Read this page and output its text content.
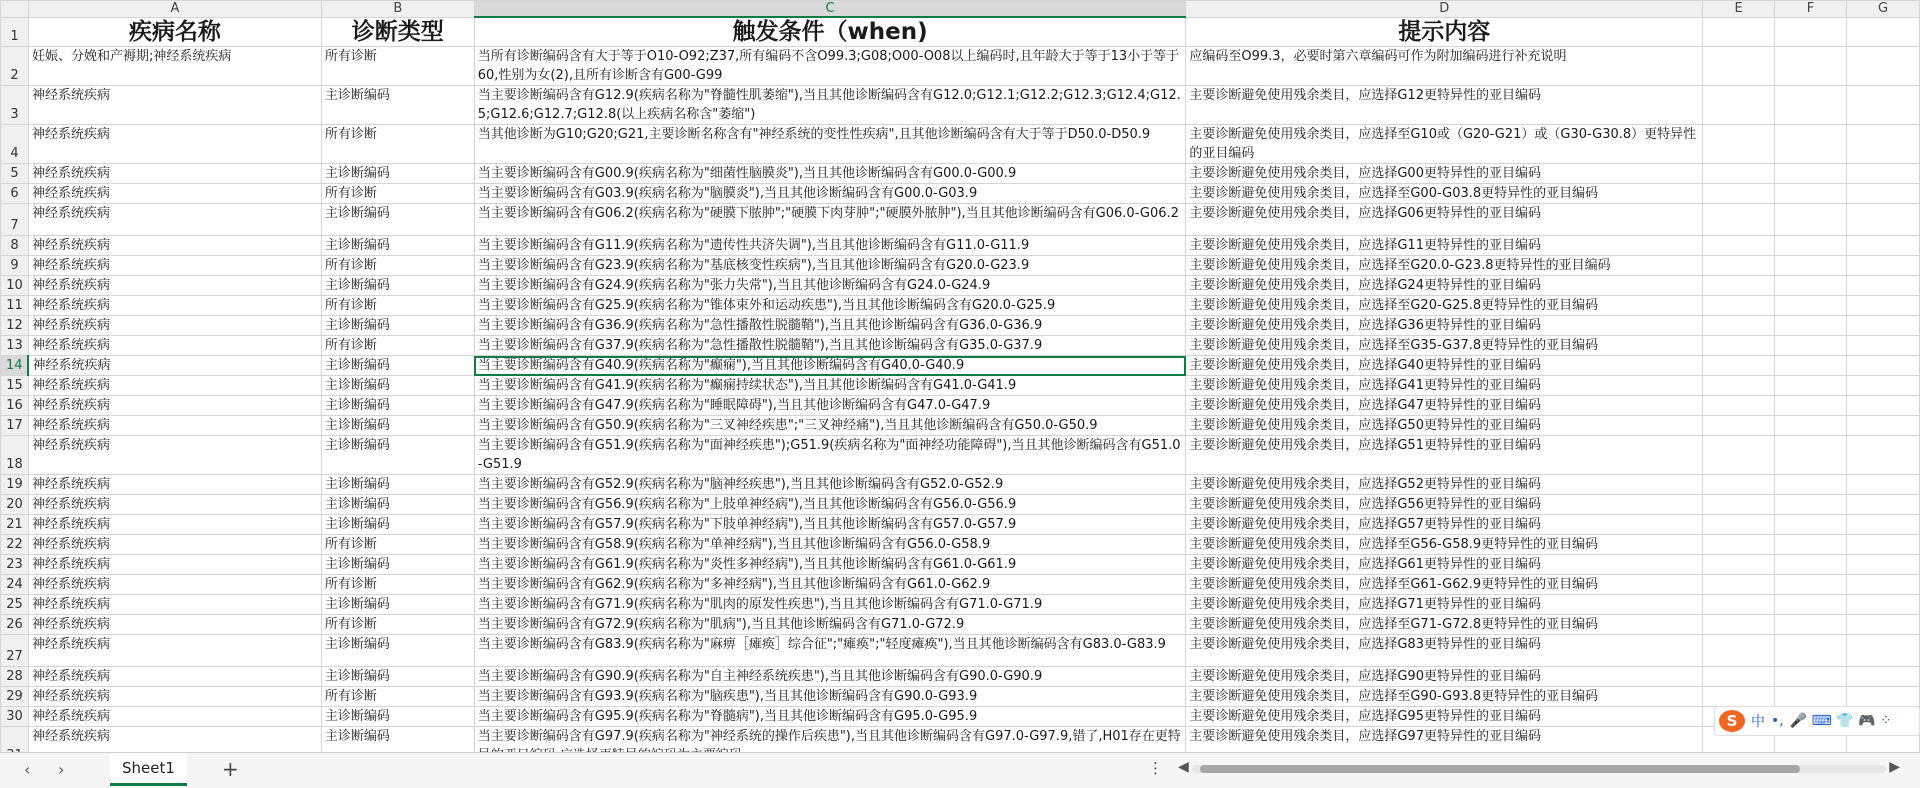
	A	B	C	D	E	F	G
1	疾病名称	诊断类型	触发条件（when)	提示内容			
2	妊娠、分娩和产褥期;神经系统疾病	所有诊断	当所有诊断编码含有大于等于O10-O92;Z37,所有编码不含O99.3;G08;O00-O08以上编码时,且年龄大于等于13小于等于60,性别为女(2),且所有诊断含有G00-G99	应编码至O99.3，必要时第六章编码可作为附加编码进行补充说明			
3	神经系统疾病	主诊断编码	当主要诊断编码含有G12.9(疾病名称为"脊髓性肌萎缩"),当且其他诊断编码含有G12.0;G12.1;G12.2;G12.3;G12.4;G12.5;G12.6;G12.7;G12.8(以上疾病名称含"萎缩")	主要诊断避免使用残余类目，应选择G12更特异性的亚目编码			
4	神经系统疾病	所有诊断	当其他诊断为G10;G20;G21,主要诊断名称含有"神经系统的变性性疾病",且其他诊断编码含有大于等于D50.0-D50.9	主要诊断避免使用残余类目，应选择至G10或（G20-G21）或（G30-G30.8）更特异性的亚目编码			
5	神经系统疾病	主诊断编码	当主要诊断编码含有G00.9(疾病名称为"细菌性脑膜炎"),当且其他诊断编码含有G00.0-G00.9	主要诊断避免使用残余类目，应选择G00更特异性的亚目编码			
6	神经系统疾病	所有诊断	当主要诊断编码含有G03.9(疾病名称为"脑膜炎"),当且其他诊断编码含有G00.0-G03.9	主要诊断避免使用残余类目，应选择至G00-G03.8更特异性的亚目编码			
7	神经系统疾病	主诊断编码	当主要诊断编码含有G06.2(疾病名称为"硬膜下脓肿";"硬膜下肉芽肿";"硬膜外脓肿"),当且其他诊断编码含有G06.0-G06.2	主要诊断避免使用残余类目，应选择G06更特异性的亚目编码			
8	神经系统疾病	主诊断编码	当主要诊断编码含有G11.9(疾病名称为"遗传性共济失调"),当且其他诊断编码含有G11.0-G11.9	主要诊断避免使用残余类目，应选择G11更特异性的亚目编码			
9	神经系统疾病	所有诊断	当主要诊断编码含有G23.9(疾病名称为"基底核变性疾病"),当且其他诊断编码含有G20.0-G23.9	主要诊断避免使用残余类目，应选择至G20.0-G23.8更特异性的亚目编码			
10	神经系统疾病	主诊断编码	当主要诊断编码含有G24.9(疾病名称为"张力失常"),当且其他诊断编码含有G24.0-G24.9	主要诊断避免使用残余类目，应选择G24更特异性的亚目编码			
11	神经系统疾病	所有诊断	当主要诊断编码含有G25.9(疾病名称为"锥体束外和运动疾患"),当且其他诊断编码含有G20.0-G25.9	主要诊断避免使用残余类目，应选择至G20-G25.8更特异性的亚目编码			
12	神经系统疾病	主诊断编码	当主要诊断编码含有G36.9(疾病名称为"急性播散性脱髓鞘"),当且其他诊断编码含有G36.0-G36.9	主要诊断避免使用残余类目，应选择G36更特异性的亚目编码			
13	神经系统疾病	所有诊断	当主要诊断编码含有G37.9(疾病名称为"急性播散性脱髓鞘"),当且其他诊断编码含有G35.0-G37.9	主要诊断避免使用残余类目，应选择至G35-G37.8更特异性的亚目编码			
14	神经系统疾病	主诊断编码	当主要诊断编码含有G40.9(疾病名称为"癫痫"),当且其他诊断编码含有G40.0-G40.9	主要诊断避免使用残余类目，应选择G40更特异性的亚目编码			
15	神经系统疾病	主诊断编码	当主要诊断编码含有G41.9(疾病名称为"癫痫持续状态"),当且其他诊断编码含有G41.0-G41.9	主要诊断避免使用残余类目，应选择G41更特异性的亚目编码			
16	神经系统疾病	主诊断编码	当主要诊断编码含有G47.9(疾病名称为"睡眠障碍"),当且其他诊断编码含有G47.0-G47.9	主要诊断避免使用残余类目，应选择G47更特异性的亚目编码			
17	神经系统疾病	主诊断编码	当主要诊断编码含有G50.9(疾病名称为"三叉神经疾患";"三叉神经痛"),当且其他诊断编码含有G50.0-G50.9	主要诊断避免使用残余类目，应选择G50更特异性的亚目编码			
18	神经系统疾病	主诊断编码	当主要诊断编码含有G51.9(疾病名称为"面神经疾患");G51.9(疾病名称为"面神经功能障碍"),当且其他诊断编码含有G51.0-G51.9	主要诊断避免使用残余类目，应选择G51更特异性的亚目编码			
19	神经系统疾病	主诊断编码	当主要诊断编码含有G52.9(疾病名称为"脑神经疾患"),当且其他诊断编码含有G52.0-G52.9	主要诊断避免使用残余类目，应选择G52更特异性的亚目编码			
20	神经系统疾病	主诊断编码	当主要诊断编码含有G56.9(疾病名称为"上肢单神经病"),当且其他诊断编码含有G56.0-G56.9	主要诊断避免使用残余类目，应选择G56更特异性的亚目编码			
21	神经系统疾病	主诊断编码	当主要诊断编码含有G57.9(疾病名称为"下肢单神经病"),当且其他诊断编码含有G57.0-G57.9	主要诊断避免使用残余类目，应选择G57更特异性的亚目编码			
22	神经系统疾病	所有诊断	当主要诊断编码含有G58.9(疾病名称为"单神经病"),当且其他诊断编码含有G56.0-G58.9	主要诊断避免使用残余类目，应选择至G56-G58.9更特异性的亚目编码			
23	神经系统疾病	主诊断编码	当主要诊断编码含有G61.9(疾病名称为"炎性多神经病"),当且其他诊断编码含有G61.0-G61.9	主要诊断避免使用残余类目，应选择G61更特异性的亚目编码			
24	神经系统疾病	所有诊断	当主要诊断编码含有G62.9(疾病名称为"多神经病"),当且其他诊断编码含有G61.0-G62.9	主要诊断避免使用残余类目，应选择至G61-G62.9更特异性的亚目编码			
25	神经系统疾病	主诊断编码	当主要诊断编码含有G71.9(疾病名称为"肌肉的原发性疾患"),当且其他诊断编码含有G71.0-G71.9	主要诊断避免使用残余类目，应选择G71更特异性的亚目编码			
26	神经系统疾病	所有诊断	当主要诊断编码含有G72.9(疾病名称为"肌病"),当且其他诊断编码含有G71.0-G72.9	主要诊断避免使用残余类目，应选择至G71-G72.8更特异性的亚目编码			
27	神经系统疾病	主诊断编码	当主要诊断编码含有G83.9(疾病名称为"麻痹［瘫痪］综合征";"瘫痪";"轻度瘫痪"),当且其他诊断编码含有G83.0-G83.9	主要诊断避免使用残余类目，应选择G83更特异性的亚目编码			
28	神经系统疾病	主诊断编码	当主要诊断编码含有G90.9(疾病名称为"自主神经系统疾患"),当且其他诊断编码含有G90.0-G90.9	主要诊断避免使用残余类目，应选择G90更特异性的亚目编码			
29	神经系统疾病	所有诊断	当主要诊断编码含有G93.9(疾病名称为"脑疾患"),当且其他诊断编码含有G90.0-G93.9	主要诊断避免使用残余类目，应选择至G90-G93.8更特异性的亚目编码			
30	神经系统疾病	主诊断编码	当主要诊断编码含有G95.9(疾病名称为"脊髓病"),当且其他诊断编码含有G95.0-G95.9	主要诊断避免使用残余类目，应选择G95更特异性的亚目编码			
	神经系统疾病	主诊断编码	当主要诊断编码含有G97.9(疾病名称为"神经系统的操作后疾患"),当且其他诊断编码含有G97.0-G97.9,错了,H01存在更特	主要诊断避免使用残余类目，应选择G97更特异性的亚目编码			
S 中 •, 🎤 ⌨ 👕 🎮 ⁘
‹ ›	Sheet1	+	⋮ ◀	▶
